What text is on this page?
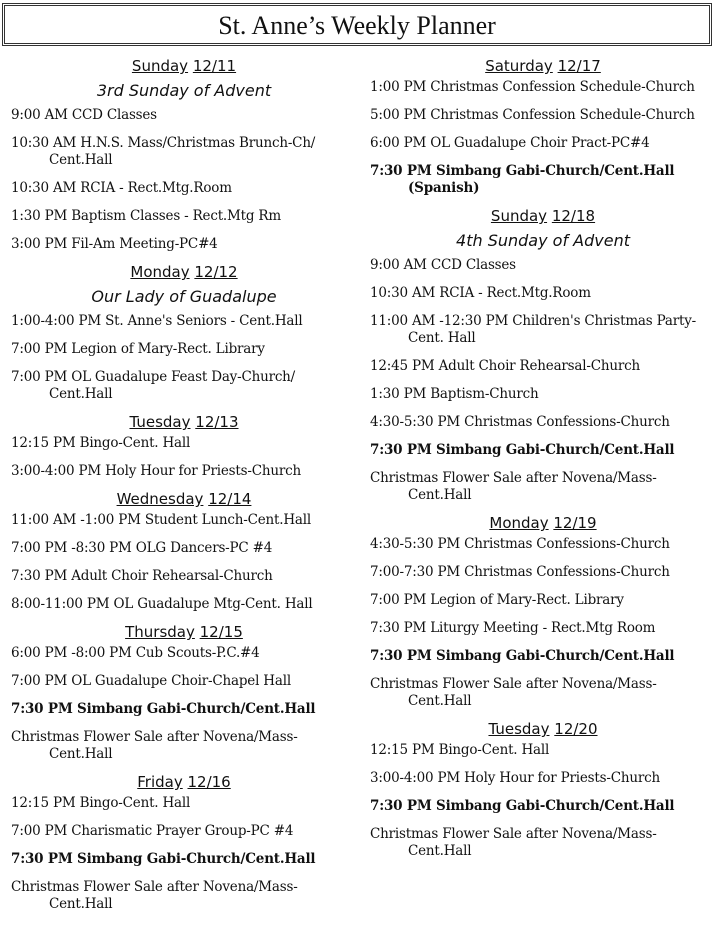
St. Anne’s Weekly Planner
Sunday 12/11
3rd Sunday of Advent
9:00 AM CCD Classes
10:30 AM H.N.S. Mass/Christmas Brunch-Ch/ Cent.Hall
10:30 AM RCIA - Rect.Mtg.Room
1:30 PM Baptism Classes - Rect.Mtg Rm
3:00 PM Fil-Am Meeting-PC#4
Monday 12/12
Our Lady of Guadalupe
1:00-4:00 PM St. Anne's Seniors - Cent.Hall
7:00 PM Legion of Mary-Rect. Library
7:00 PM OL Guadalupe Feast Day-Church/ Cent.Hall
Tuesday 12/13
12:15 PM Bingo-Cent. Hall
3:00-4:00 PM Holy Hour for Priests-Church
Wednesday 12/14
11:00 AM -1:00 PM Student Lunch-Cent.Hall
7:00 PM -8:30 PM OLG Dancers-PC #4
7:30 PM Adult Choir Rehearsal-Church
8:00-11:00 PM OL Guadalupe Mtg-Cent. Hall
Thursday 12/15
6:00 PM -8:00 PM Cub Scouts-P.C.#4
7:00 PM OL Guadalupe Choir-Chapel Hall
7:30 PM Simbang Gabi-Church/Cent.Hall
Christmas Flower Sale after Novena/Mass-Cent.Hall
Friday 12/16
12:15 PM Bingo-Cent. Hall
7:00 PM Charismatic Prayer Group-PC #4
7:30 PM Simbang Gabi-Church/Cent.Hall
Christmas Flower Sale after Novena/Mass-Cent.Hall
Saturday 12/17
1:00 PM Christmas Confession Schedule-Church
5:00 PM Christmas Confession Schedule-Church
6:00 PM OL Guadalupe Choir Pract-PC#4
7:30 PM Simbang Gabi-Church/Cent.Hall (Spanish)
Sunday 12/18
4th Sunday of Advent
9:00 AM CCD Classes
10:30 AM RCIA - Rect.Mtg.Room
11:00 AM -12:30 PM Children's Christmas Party-Cent. Hall
12:45 PM Adult Choir Rehearsal-Church
1:30 PM Baptism-Church
4:30-5:30 PM Christmas Confessions-Church
7:30 PM Simbang Gabi-Church/Cent.Hall
Christmas Flower Sale after Novena/Mass-Cent.Hall
Monday 12/19
4:30-5:30 PM Christmas Confessions-Church
7:00-7:30 PM Christmas Confessions-Church
7:00 PM Legion of Mary-Rect. Library
7:30 PM Liturgy Meeting - Rect.Mtg Room
7:30 PM Simbang Gabi-Church/Cent.Hall
Christmas Flower Sale after Novena/Mass-Cent.Hall
Tuesday 12/20
12:15 PM Bingo-Cent. Hall
3:00-4:00 PM Holy Hour for Priests-Church
7:30 PM Simbang Gabi-Church/Cent.Hall
Christmas Flower Sale after Novena/Mass-Cent.Hall
